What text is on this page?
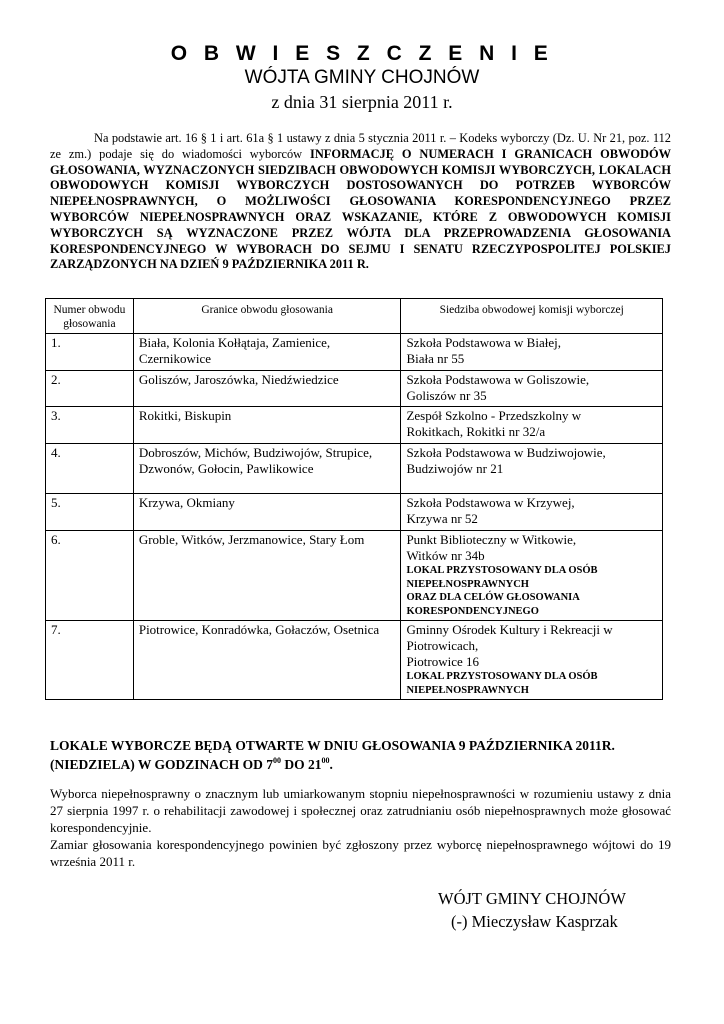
O B W I E S Z C Z E N I E
WÓJTA GMINY CHOJNÓW
z dnia 31 sierpnia 2011 r.
Na podstawie art. 16 § 1 i art. 61a § 1 ustawy z dnia 5 stycznia 2011 r. – Kodeks wyborczy (Dz. U. Nr 21, poz. 112 ze zm.) podaje się do wiadomości wyborców INFORMACJĘ O NUMERACH I GRANICACH OBWODÓW GŁOSOWANIA, WYZNACZONYCH SIEDZIBACH OBWODOWYCH KOMISJI WYBORCZYCH, LOKALACH OBWODOWYCH KOMISJI WYBORCZYCH DOSTOSOWANYCH DO POTRZEB WYBORCÓW NIEPEŁNOSPRAWNYCH, O MOŻLIWOŚCI GŁOSOWANIA KORESPONDENCYJNEGO PRZEZ WYBORCÓW NIEPEŁNOSPRAWNYCH ORAZ WSKAZANIE, KTÓRE Z OBWODOWYCH KOMISJI WYBORCZYCH SĄ WYZNACZONE PRZEZ WÓJTA DLA PRZEPROWADZENIA GŁOSOWANIA KORESPONDENCYJNEGO W WYBORACH DO SEJMU I SENATU RZECZYPOSPOLITEJ POLSKIEJ ZARZĄDZONYCH NA DZIEŃ 9 PAŹDZIERNIKA 2011 R.
Numer obwodu głosowania	Granice obwodu głosowania	Siedziba obwodowej komisji wyborczej
1.	Biała, Kolonia Kołłątaja, Zamienice, Czernikowice	Szkoła Podstawowa w Białej,
Biała nr 55

2.	Goliszów, Jaroszówka, Niedźwiedzice	Szkoła Podstawowa w Goliszowie,
Goliszów nr 35

3.	Rokitki, Biskupin	Zespół Szkolno - Przedszkolny w
Rokitkach, Rokitki nr 32/a

4.	Dobroszów, Michów, Budziwojów, Strupice, Dzwonów, Gołocin, Pawlikowice	Szkoła Podstawowa w Budziwojowie,
Budziwojów nr 21

5.	Krzywa, Okmiany	Szkoła Podstawowa w Krzywej,
Krzywa nr 52

6.	Groble, Witków, Jerzmanowice, Stary Łom	Punkt Biblioteczny w Witkowie,
Witków nr 34b
LOKAL PRZYSTOSOWANY DLA OSÓB NIEPEŁNOSPRAWNYCH
ORAZ DLA CELÓW GŁOSOWANIA KORESPONDENCYJNEGO

7.	Piotrowice, Konradówka, Gołaczów, Osetnica	Gminny Ośrodek Kultury i Rekreacji w Piotrowicach,
Piotrowice 16
LOKAL PRZYSTOSOWANY DLA OSÓB NIEPEŁNOSPRAWNYCH
LOKALE WYBORCZE BĘDĄ OTWARTE W DNIU GŁOSOWANIA 9 PAŹDZIERNIKA 2011R. (NIEDZIELA) W GODZINACH OD $7^{00}$ DO $21^{00}$.

Wyborca niepełnosprawny o znacznym lub umiarkowanym stopniu niepełnosprawności w rozumieniu ustawy z dnia 27 sierpnia 1997 r. o rehabilitacji zawodowej i społecznej oraz zatrudnianiu osób niepełnosprawnych może głosować korespondencyjnie.

Zamiar głosowania korespondencyjnego powinien być zgłoszony przez wyborcę niepełnosprawnego wójtowi do 19 września 2011 r.

WÓJT GMINY CHOJNÓW
(-) Mieczysław Kasprzak
